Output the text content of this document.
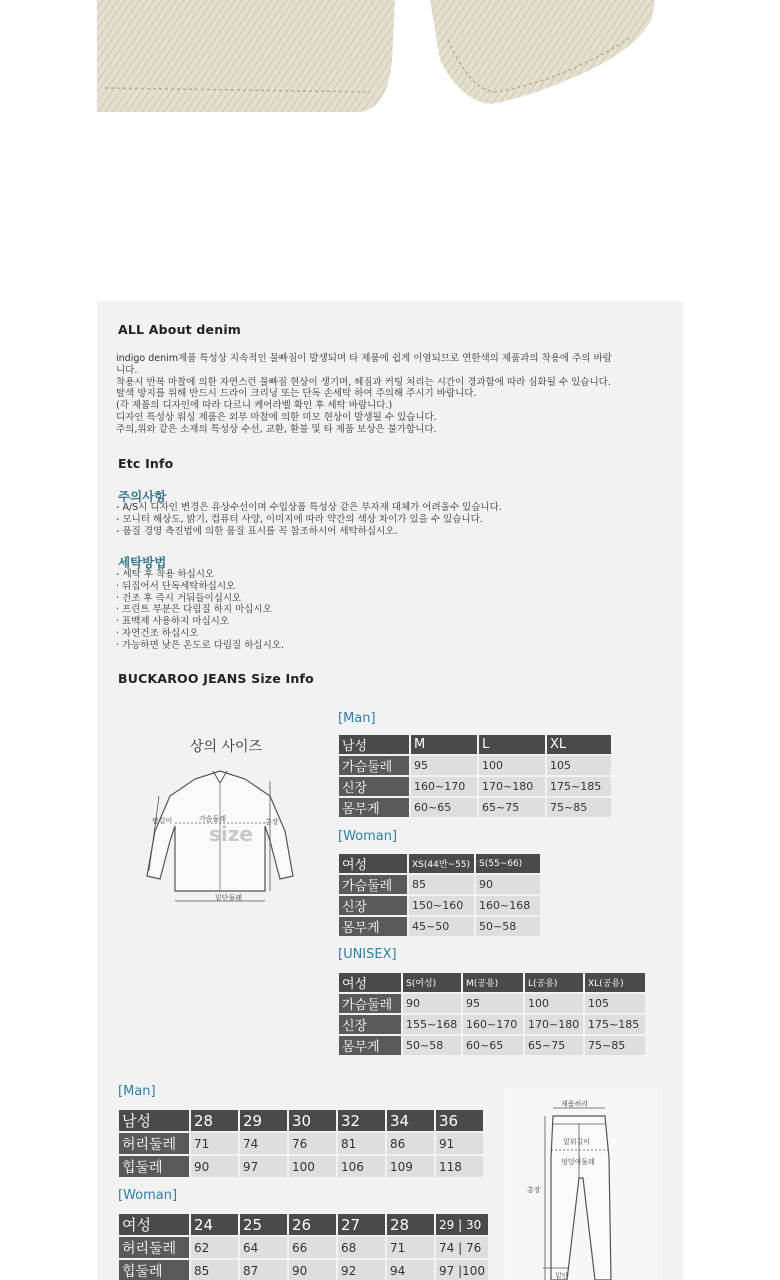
ALL About denim
indigo denim제품 특성상 지속적인 물빠짐이 발생되며 타 제품에 쉽게 이염되므로 연한색의 제품과의 착용에 주의 바랍
니다.
착용시 반복 마찰에 의한 자연스런 물빠짐 현상이 생기며, 헤짐과 커팅 처리는 시간이 경과함에 따라 심화될 수 있습니다.
탈색 방지를 위해 반드시 드라이 크리닝 또는 단독 손세탁 하여 주의해 주시기 바랍니다.
(각 제품의 디자인에 따라 다르니 케어라벨 확인 후 세탁 바랍니다.)
디자인 특성상 워싱 제품은 외부 마찰에 의한 미모 현상이 발생될 수 있습니다.
주의,위와 같은 소재의 특성상 수선, 교환, 환불 및 타 제품 보상은 불가합니다.
Etc Info
주의사항
- A/S시 디자인 변경은 유상수선이며 수입상품 특성상 같은 부자재 대체가 어려울수 있습니다.
- 모니터 해상도, 밝기, 컴퓨터 사양, 이미지에 따라 약간의 색상 차이가 있을 수 있습니다.
- 품질 경영 측진법에 의한 품질 표시를 꼭 참조하시어 세탁하십시오.
세탁방법
- 세탁 후 착용 하십시오
· 뒤집어서 단독세탁하십시오
· 건조 후 즉시 거둬들이십시오
· 프린트 부분은 다림질 하지 마십시오
· 표백제 사용하지 마십시오
· 자연건조 하십시오
· 가능하면 낮은 온도로 다림질 하십시오.
BUCKAROO JEANS Size Info
상의 사이즈
팔길이	가슴둘레	총장
size
밑단둘레
[Man]
남성	M	L	XL
가슴둘레	95	100	105
신장	160~170	170~180	175~185
몸무게	60~65	65~75	75~85
[Woman]
여성	XS(44반~55)	S(55~66)
가슴둘레	85	90
신장	150~160	160~168
몸무게	45~50	50~58
[UNISEX]
여성	S(여성)	M(공용)	L(공용)	XL(공용)
가슴둘레	90	95	100	105
신장	155~168	160~170	170~180	175~185
몸무게	50~58	60~65	65~75	75~85
[Man]
남성	28	29	30	32	34	36
허리둘레	71	74	76	81	86	91
힙둘레	90	97	100	106	109	118
[Woman]
여성	24	25	26	27	28	29 | 30
허리둘레	62	64	66	68	71	74 | 76
힙둘레	85	87	90	92	94	97 |100
제품허리
밑위길이
엉덩이둘레
총장
밑단
